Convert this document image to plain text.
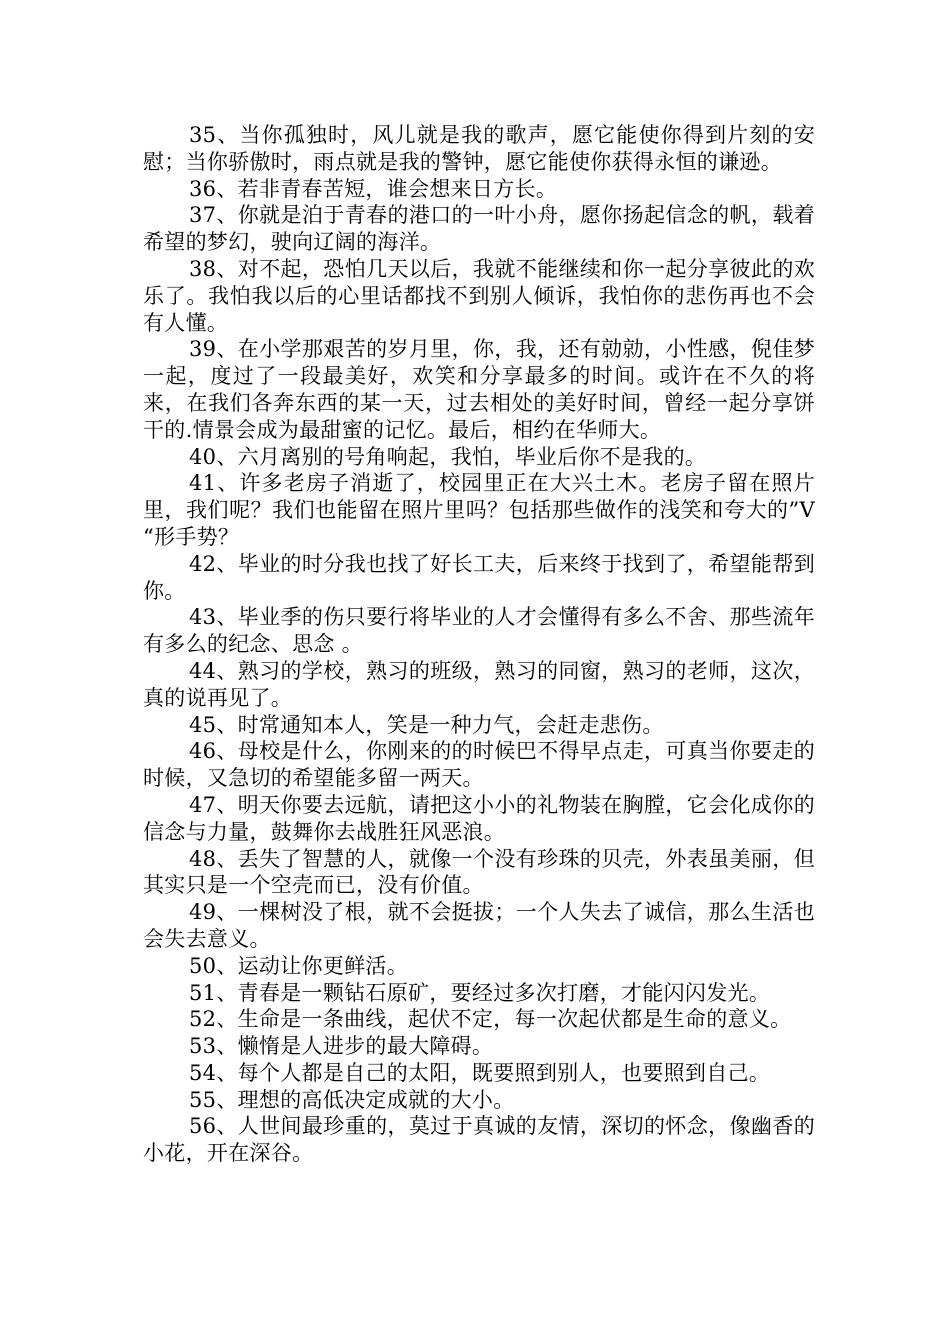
35、当你孤独时，风儿就是我的歌声，愿它能使你得到片刻的安慰；当你骄傲时，雨点就是我的警钟，愿它能使你获得永恒的谦逊。

36、若非青春苦短，谁会想来日方长。

37、你就是泊于青春的港口的一叶小舟，愿你扬起信念的帆，载着希望的梦幻，驶向辽阔的海洋。

38、对不起，恐怕几天以后，我就不能继续和你一起分享彼此的欢乐了。我怕我以后的心里话都找不到别人倾诉，我怕你的悲伤再也不会有人懂。

39、在小学那艰苦的岁月里，你，我，还有勍勍，小性感，倪佳梦一起，度过了一段最美好，欢笑和分享最多的时间。或许在不久的将来，在我们各奔东西的某一天，过去相处的美好时间，曾经一起分享饼干的.情景会成为最甜蜜的记忆。最后，相约在华师大。

40、六月离别的号角响起，我怕，毕业后你不是我的。

41、许多老房子消逝了，校园里正在大兴土木。老房子留在照片里，我们呢？我们也能留在照片里吗？包括那些做作的浅笑和夸大的”V “形手势？

42、毕业的时分我也找了好长工夫，后来终于找到了，希望能帮到你。

43、毕业季的伤只要行将毕业的人才会懂得有多么不舍、那些流年有多么的纪念、思念 。

44、熟习的学校，熟习的班级，熟习的同窗，熟习的老师，这次，真的说再见了。

45、时常通知本人，笑是一种力气，会赶走悲伤。

46、母校是什么，你刚来的的时候巴不得早点走，可真当你要走的时候，又急切的希望能多留一两天。

47、明天你要去远航，请把这小小的礼物装在胸膛，它会化成你的信念与力量，鼓舞你去战胜狂风恶浪。

48、丢失了智慧的人，就像一个没有珍珠的贝壳，外表虽美丽，但其实只是一个空壳而已，没有价值。

49、一棵树没了根，就不会挺拔；一个人失去了诚信，那么生活也会失去意义。

50、运动让你更鲜活。

51、青春是一颗钻石原矿，要经过多次打磨，才能闪闪发光。

52、生命是一条曲线，起伏不定，每一次起伏都是生命的意义。

53、懒惰是人进步的最大障碍。

54、每个人都是自己的太阳，既要照到别人，也要照到自己。

55、理想的高低决定成就的大小。

56、人世间最珍重的，莫过于真诚的友情，深切的怀念，像幽香的小花，开在深谷。
